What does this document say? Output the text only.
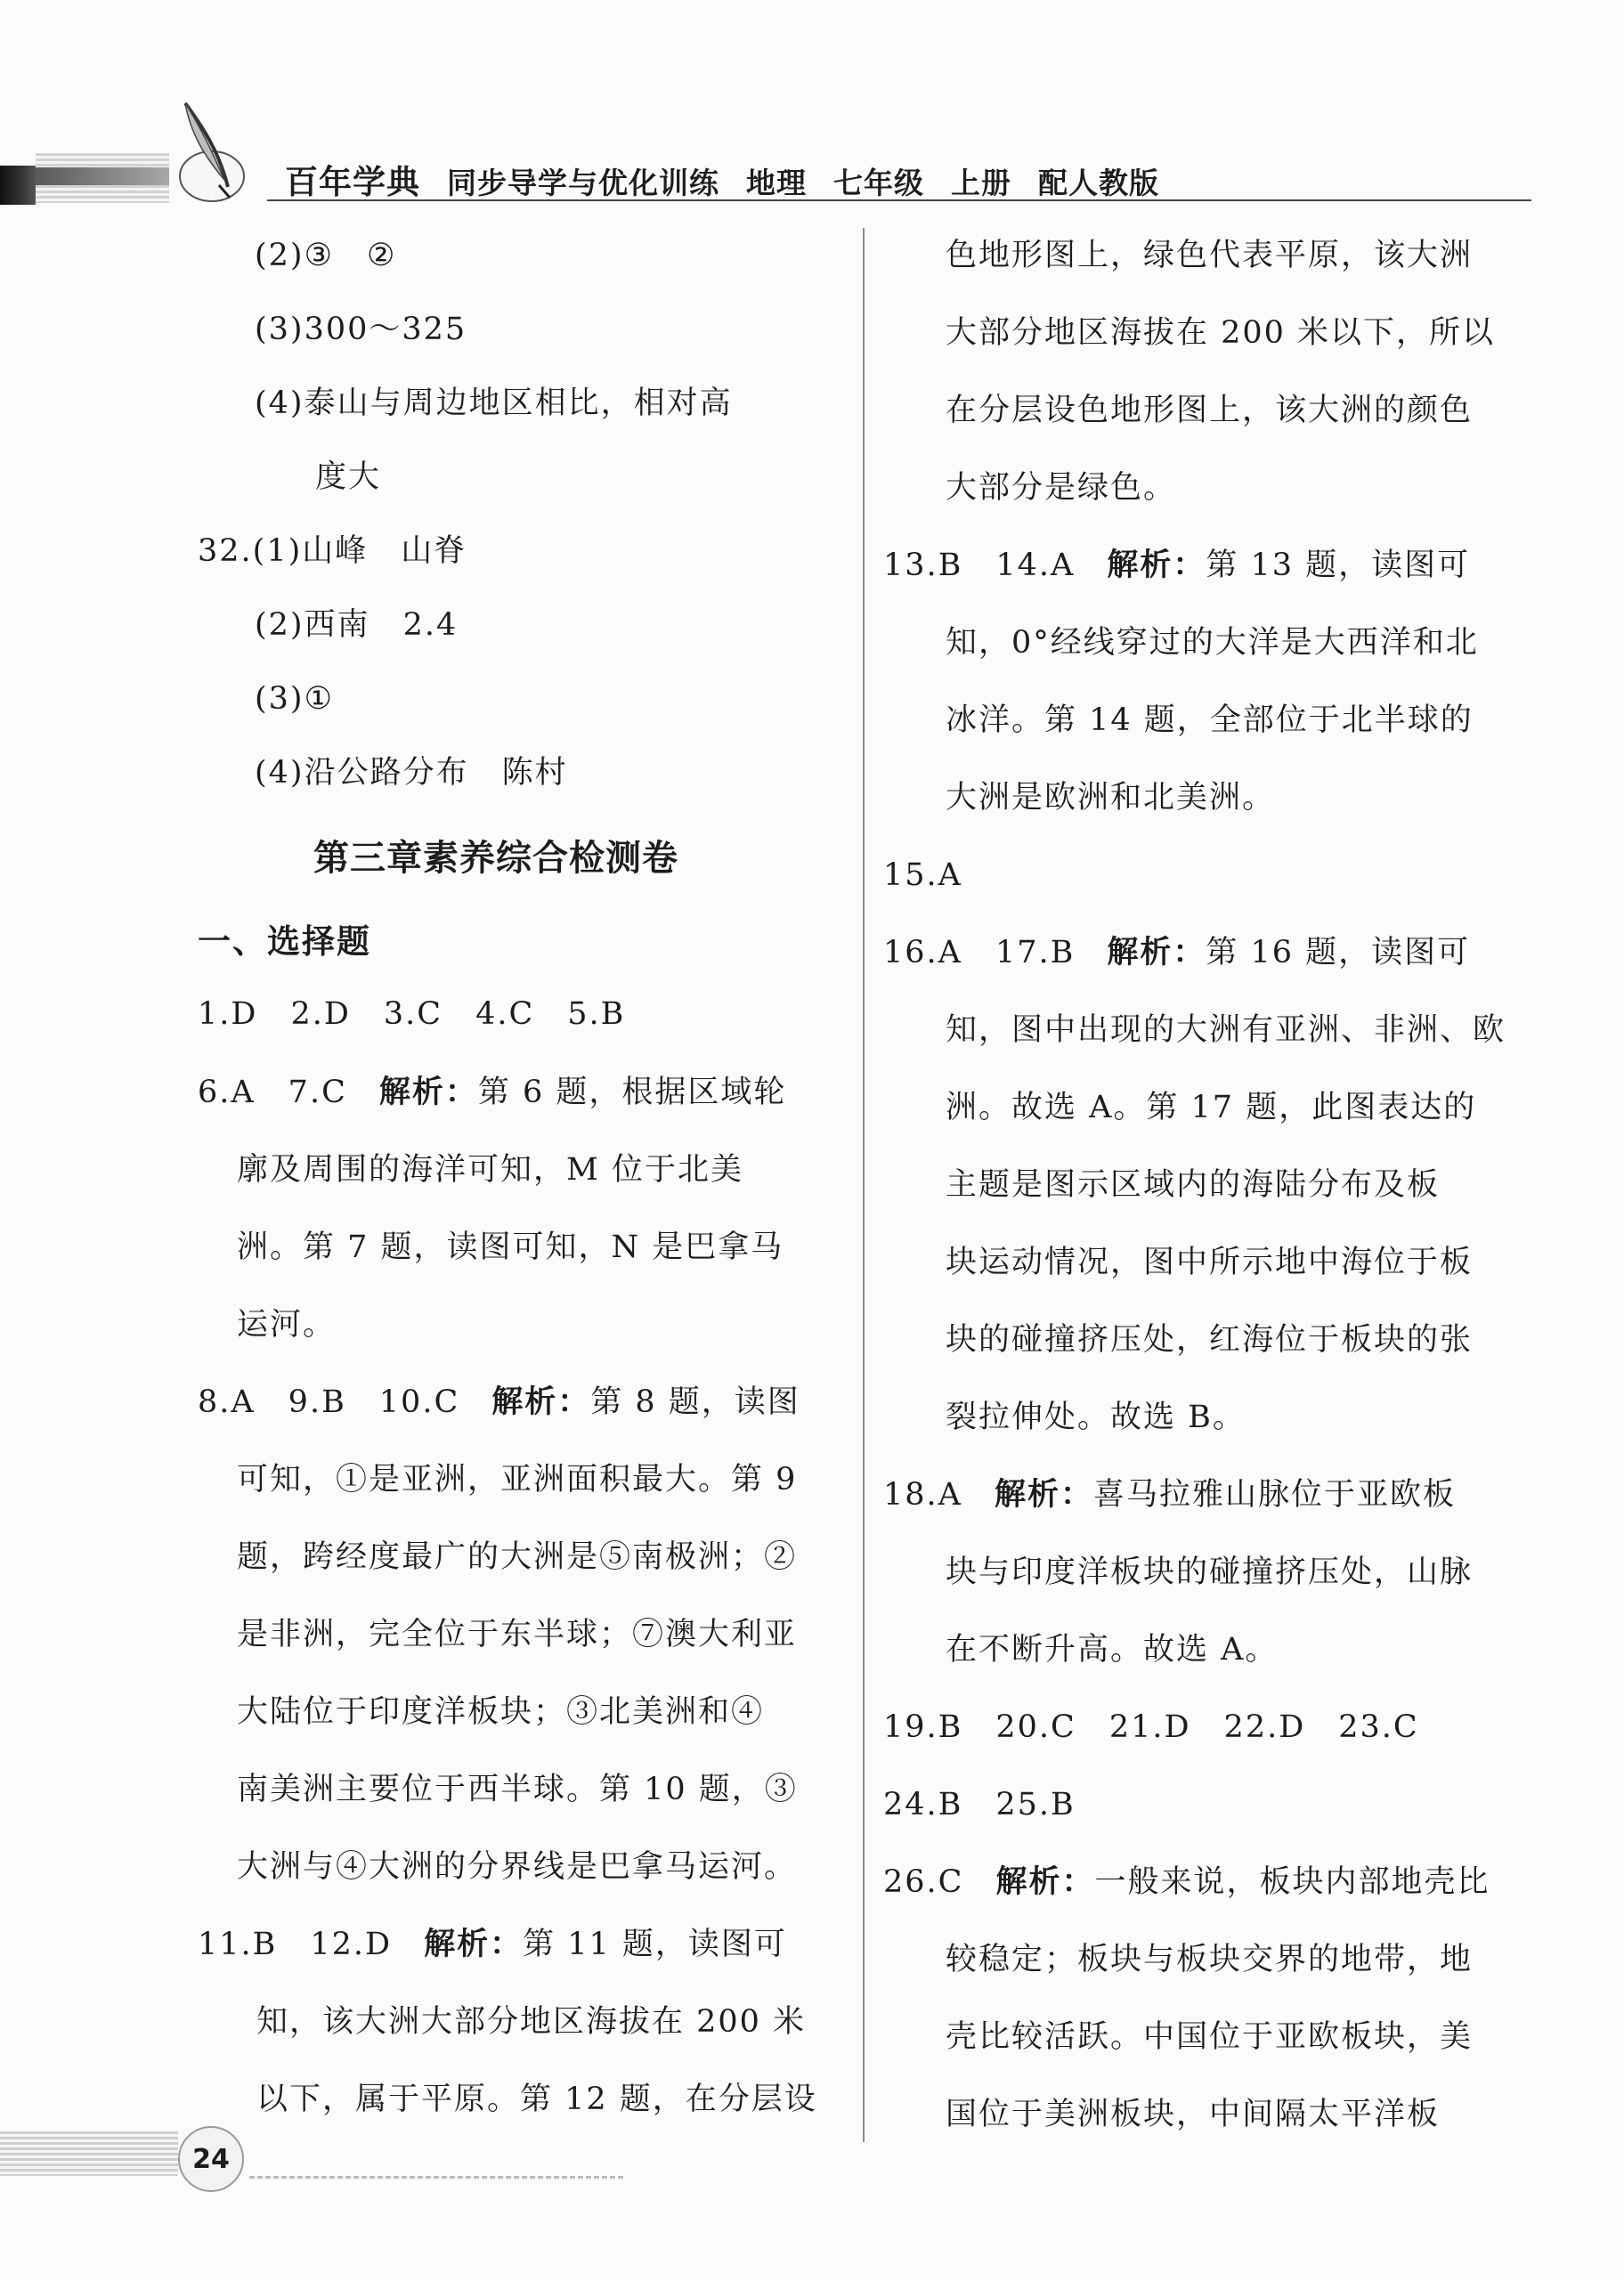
百年学典 同步导学与优化训练 地理 七年级 上册 配人教版
(2)③　②
(3)300～325
(4)泰山与周边地区相比，相对高
度大
32.(1)山峰　山脊
(2)西南　2.4
(3)①
(4)沿公路分布　陈村
第三章素养综合检测卷
一、选择题
1.D　2.D　3.C　4.C　5.B
6.A　7.C 解析：第 6 题，根据区域轮
廓及周围的海洋可知，M 位于北美
洲。第 7 题，读图可知，N 是巴拿马
运河。
8.A　9.B　10.C 解析：第 8 题，读图
可知，①是亚洲，亚洲面积最大。第 9
题，跨经度最广的大洲是⑤南极洲；②
是非洲，完全位于东半球；⑦澳大利亚
大陆位于印度洋板块；③北美洲和④
南美洲主要位于西半球。第 10 题，③
大洲与④大洲的分界线是巴拿马运河。
11.B　12.D 解析：第 11 题，读图可
知，该大洲大部分地区海拔在 200 米
以下，属于平原。第 12 题，在分层设
色地形图上，绿色代表平原，该大洲
大部分地区海拔在 200 米以下，所以
在分层设色地形图上，该大洲的颜色
大部分是绿色。
13.B　14.A 解析：第 13 题，读图可
知，0°经线穿过的大洋是大西洋和北
冰洋。第 14 题，全部位于北半球的
大洲是欧洲和北美洲。
15.A
16.A　17.B 解析：第 16 题，读图可
知，图中出现的大洲有亚洲、非洲、欧
洲。故选 A。第 17 题，此图表达的
主题是图示区域内的海陆分布及板
块运动情况，图中所示地中海位于板
块的碰撞挤压处，红海位于板块的张
裂拉伸处。故选 B。
18.A 解析：喜马拉雅山脉位于亚欧板
块与印度洋板块的碰撞挤压处，山脉
在不断升高。故选 A。
19.B　20.C　21.D　22.D　23.C
24.B　25.B
26.C 解析：一般来说，板块内部地壳比
较稳定；板块与板块交界的地带，地
壳比较活跃。中国位于亚欧板块，美
国位于美洲板块，中间隔太平洋板
24
